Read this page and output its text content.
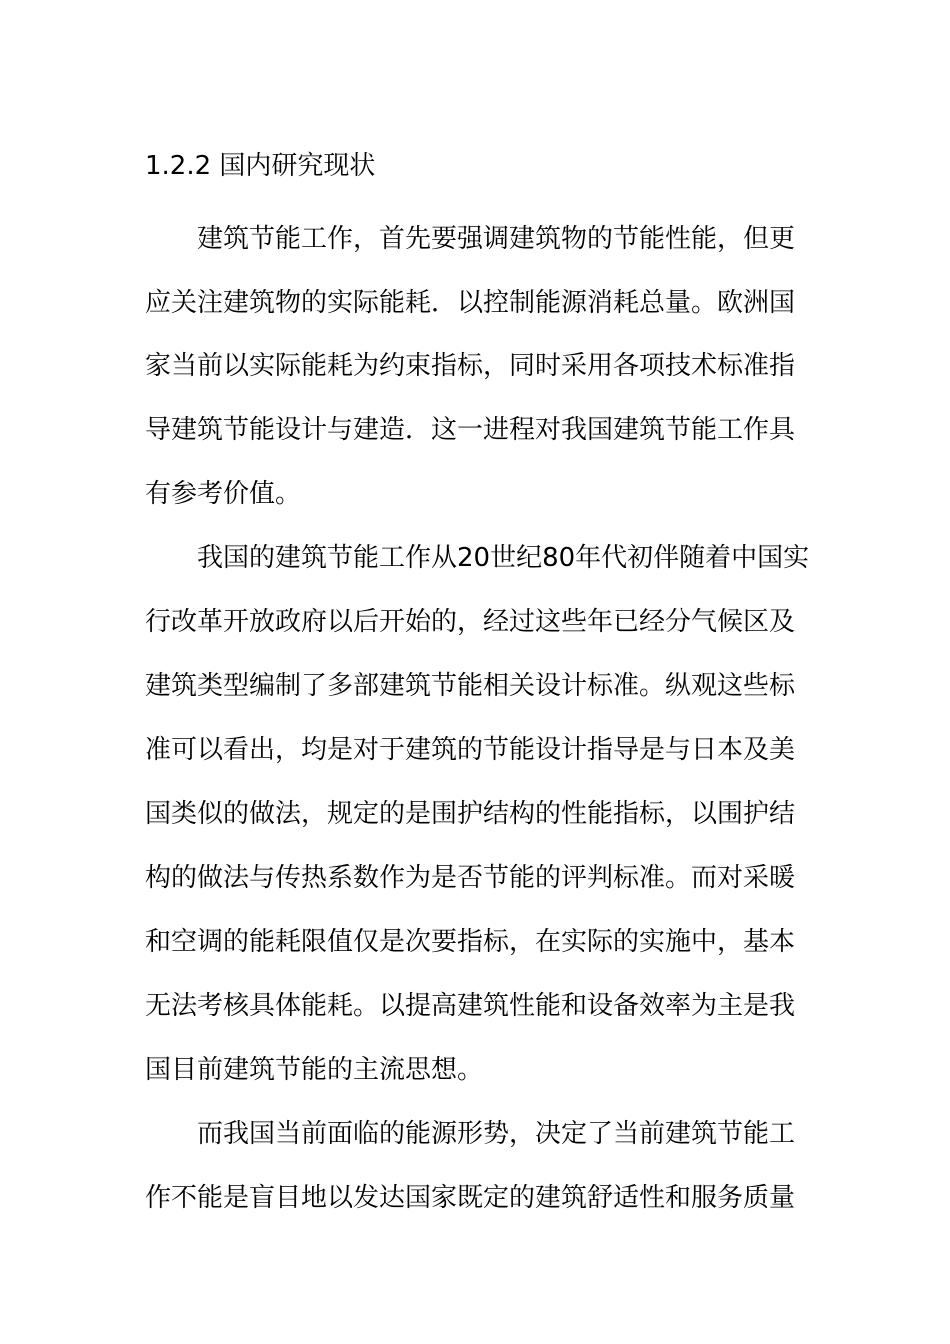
1.2.2 国内研究现状
建筑节能工作，首先要强调建筑物的节能性能，但更
应关注建筑物的实际能耗．以控制能源消耗总量。欧洲国
家当前以实际能耗为约束指标，同时采用各项技术标准指
导建筑节能设计与建造．这一进程对我国建筑节能工作具
有参考价值。
我国的建筑节能工作从20世纪80年代初伴随着中国实
行改革开放政府以后开始的，经过这些年已经分气候区及
建筑类型编制了多部建筑节能相关设计标准。纵观这些标
准可以看出，均是对于建筑的节能设计指导是与日本及美
国类似的做法，规定的是围护结构的性能指标，以围护结
构的做法与传热系数作为是否节能的评判标准。而对采暖
和空调的能耗限值仅是次要指标，在实际的实施中，基本
无法考核具体能耗。以提高建筑性能和设备效率为主是我
国目前建筑节能的主流思想。
而我国当前面临的能源形势，决定了当前建筑节能工
作不能是盲目地以发达国家既定的建筑舒适性和服务质量
